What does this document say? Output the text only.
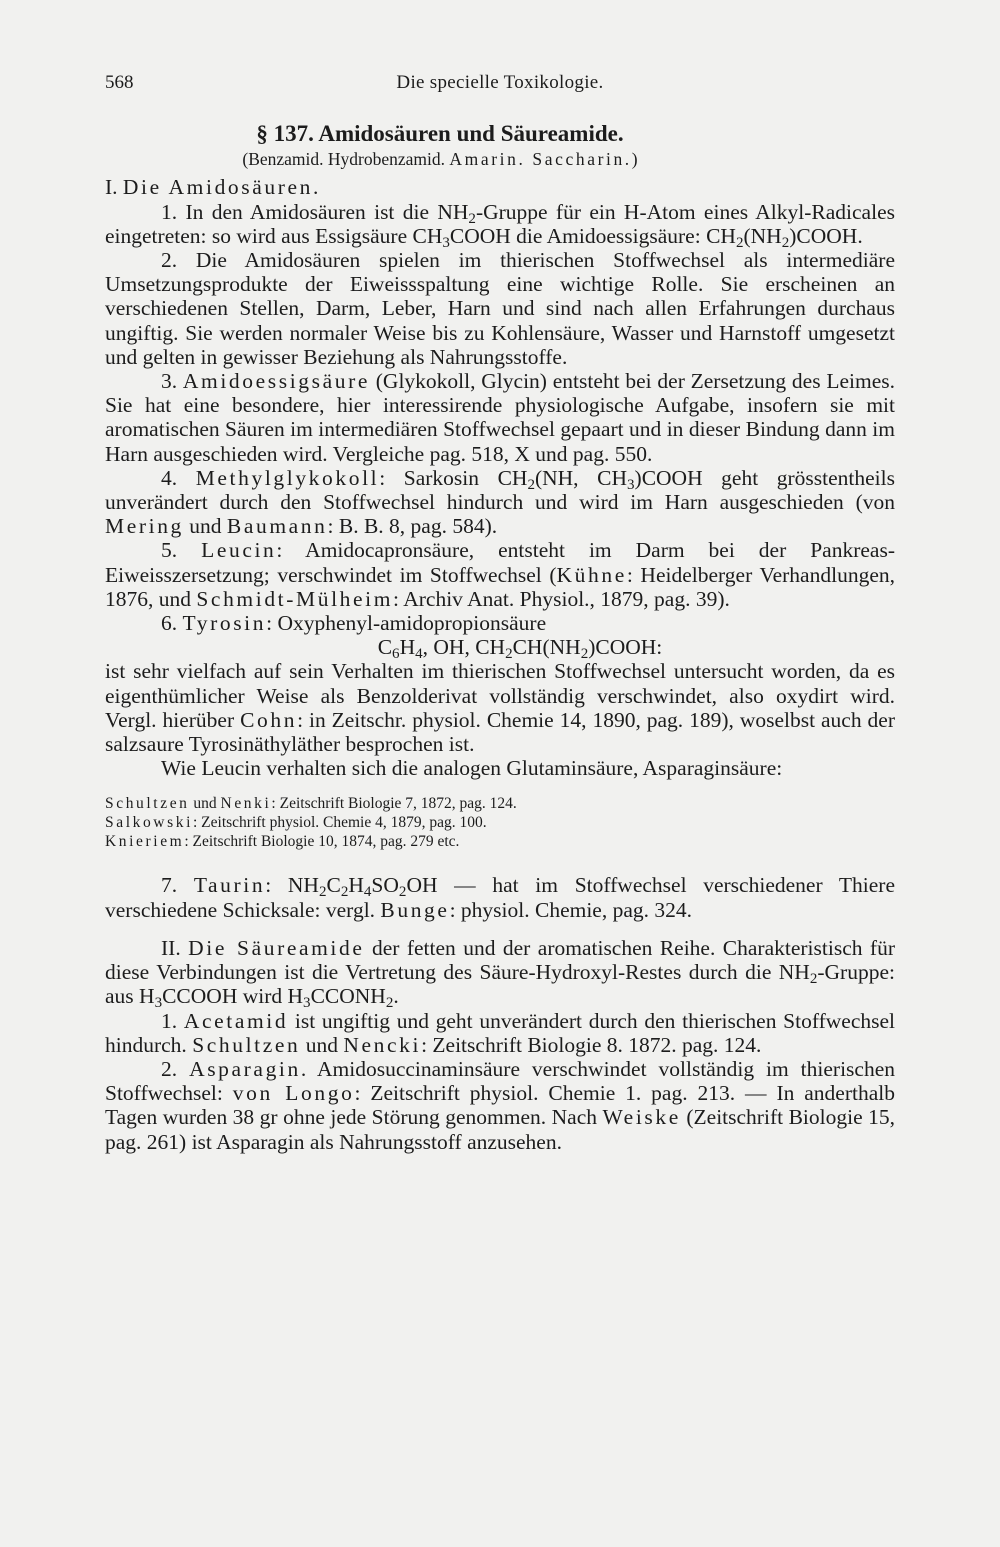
568	Die specielle Toxikologie.

§ 137. Amidosäuren und Säureamide.

(Benzamid. Hydrobenzamid. Amarin. Saccharin.)

I. Die Amidosäuren.

1. In den Amidosäuren ist die $NH_2$-Gruppe für ein H-Atom eines Alkyl-Radicales eingetreten: so wird aus Essigsäure $CH_3COOH$ die Amidoessigsäure: $CH_2(NH_2)COOH$.

2. Die Amidosäuren spielen im thierischen Stoffwechsel als intermediäre Umsetzungsprodukte der Eiweissspaltung eine wichtige Rolle. Sie erscheinen an verschiedenen Stellen, Darm, Leber, Harn und sind nach allen Erfahrungen durchaus ungiftig. Sie werden normaler Weise bis zu Kohlensäure, Wasser und Harnstoff umgesetzt und gelten in gewisser Beziehung als Nahrungsstoffe.

3. Amidoessigsäure (Glykokoll, Glycin) entsteht bei der Zersetzung des Leimes. Sie hat eine besondere, hier interessirende physiologische Aufgabe, insofern sie mit aromatischen Säuren im intermediären Stoffwechsel gepaart und in dieser Bindung dann im Harn ausgeschieden wird. Vergleiche pag. 518, X und pag. 550.

4. Methylglykokoll: Sarkosin $CH_2(NH$, $CH_3)COOH$ geht grösstentheils unverändert durch den Stoffwechsel hindurch und wird im Harn ausgeschieden (von Mering und Baumann: B. B. 8, pag. 584).

5. Leucin: Amidocapronsäure, entsteht im Darm bei der Pankreas-Eiweisszersetzung; verschwindet im Stoffwechsel (Kühne: Heidelberger Verhandlungen, 1876, und Schmidt-Mülheim: Archiv Anat. Physiol., 1879, pag. 39).

6. Tyrosin: Oxyphenyl-amidopropionsäure

$C_6H_4$, OH, $CH_2CH(NH_2)COOH$:

ist sehr vielfach auf sein Verhalten im thierischen Stoffwechsel untersucht worden, da es eigenthümlicher Weise als Benzolderivat vollständig verschwindet, also oxydirt wird. Vergl. hierüber Cohn: in Zeitschr. physiol. Chemie 14, 1890, pag. 189), woselbst auch der salzsaure Tyrosinäthyläther besprochen ist.

Wie Leucin verhalten sich die analogen Glutaminsäure, Asparaginsäure:

Schultzen und Nenki: Zeitschrift Biologie 7, 1872, pag. 124.

Salkowski: Zeitschrift physiol. Chemie 4, 1879, pag. 100.

Knieriem: Zeitschrift Biologie 10, 1874, pag. 279 etc.

7. Taurin: $NH_2C_2H_4SO_2OH$ — hat im Stoffwechsel verschiedener Thiere verschiedene Schicksale: vergl. Bunge: physiol. Chemie, pag. 324.

II. Die Säureamide der fetten und der aromatischen Reihe. Charakteristisch für diese Verbindungen ist die Vertretung des Säure-Hydroxyl-Restes durch die $NH_2$-Gruppe: aus $H_3CCOOH$ wird $H_3CCONH_2$.

1. Acetamid ist ungiftig und geht unverändert durch den thierischen Stoffwechsel hindurch. Schultzen und Nencki: Zeitschrift Biologie 8. 1872. pag. 124.

2. Asparagin. Amidosuccinaminsäure verschwindet vollständig im thierischen Stoffwechsel: von Longo: Zeitschrift physiol. Chemie 1. pag. 213. — In anderthalb Tagen wurden 38 gr ohne jede Störung genommen. Nach Weiske (Zeitschrift Biologie 15, pag. 261) ist Asparagin als Nahrungsstoff anzusehen.
